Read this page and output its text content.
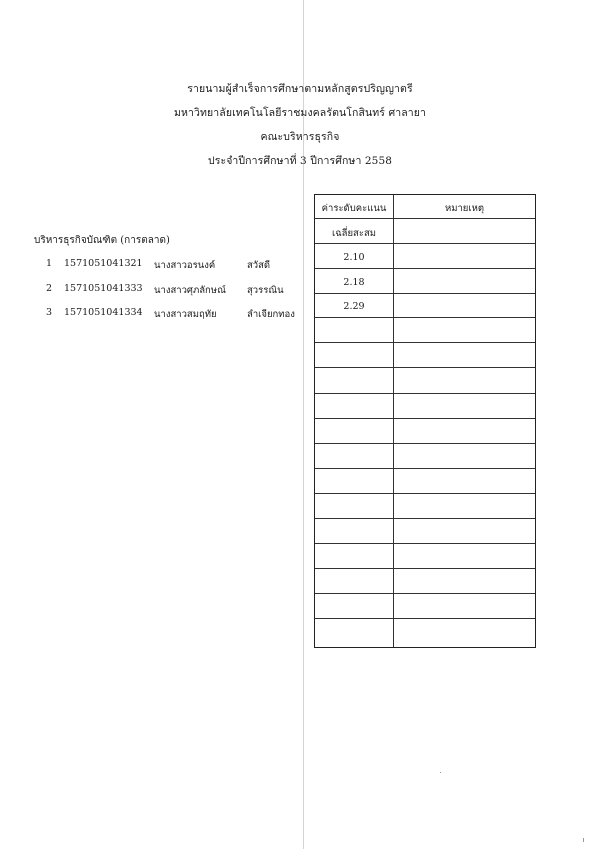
รายนามผู้สำเร็จการศึกษาตามหลักสูตรปริญญาตรี
มหาวิทยาลัยเทคโนโลยีราชมงคลรัตนโกสินทร์ ศาลายา
คณะบริหารธุรกิจ
ประจำปีการศึกษาที่ 3 ปีการศึกษา 2558
บริหารธุรกิจบัณฑิต (การตลาด)
1	1571051041321	นางสาวอรนงค์	สวัสดี
2	1571051041333	นางสาวศุภลักษณ์	สุวรรณิน
3	1571051041334	นางสาวสมฤทัย	ลำเจียกทอง
ค่าระดับคะแนน	หมายเหตุ
เฉลี่ยสะสม
2.10
2.18
2.29
